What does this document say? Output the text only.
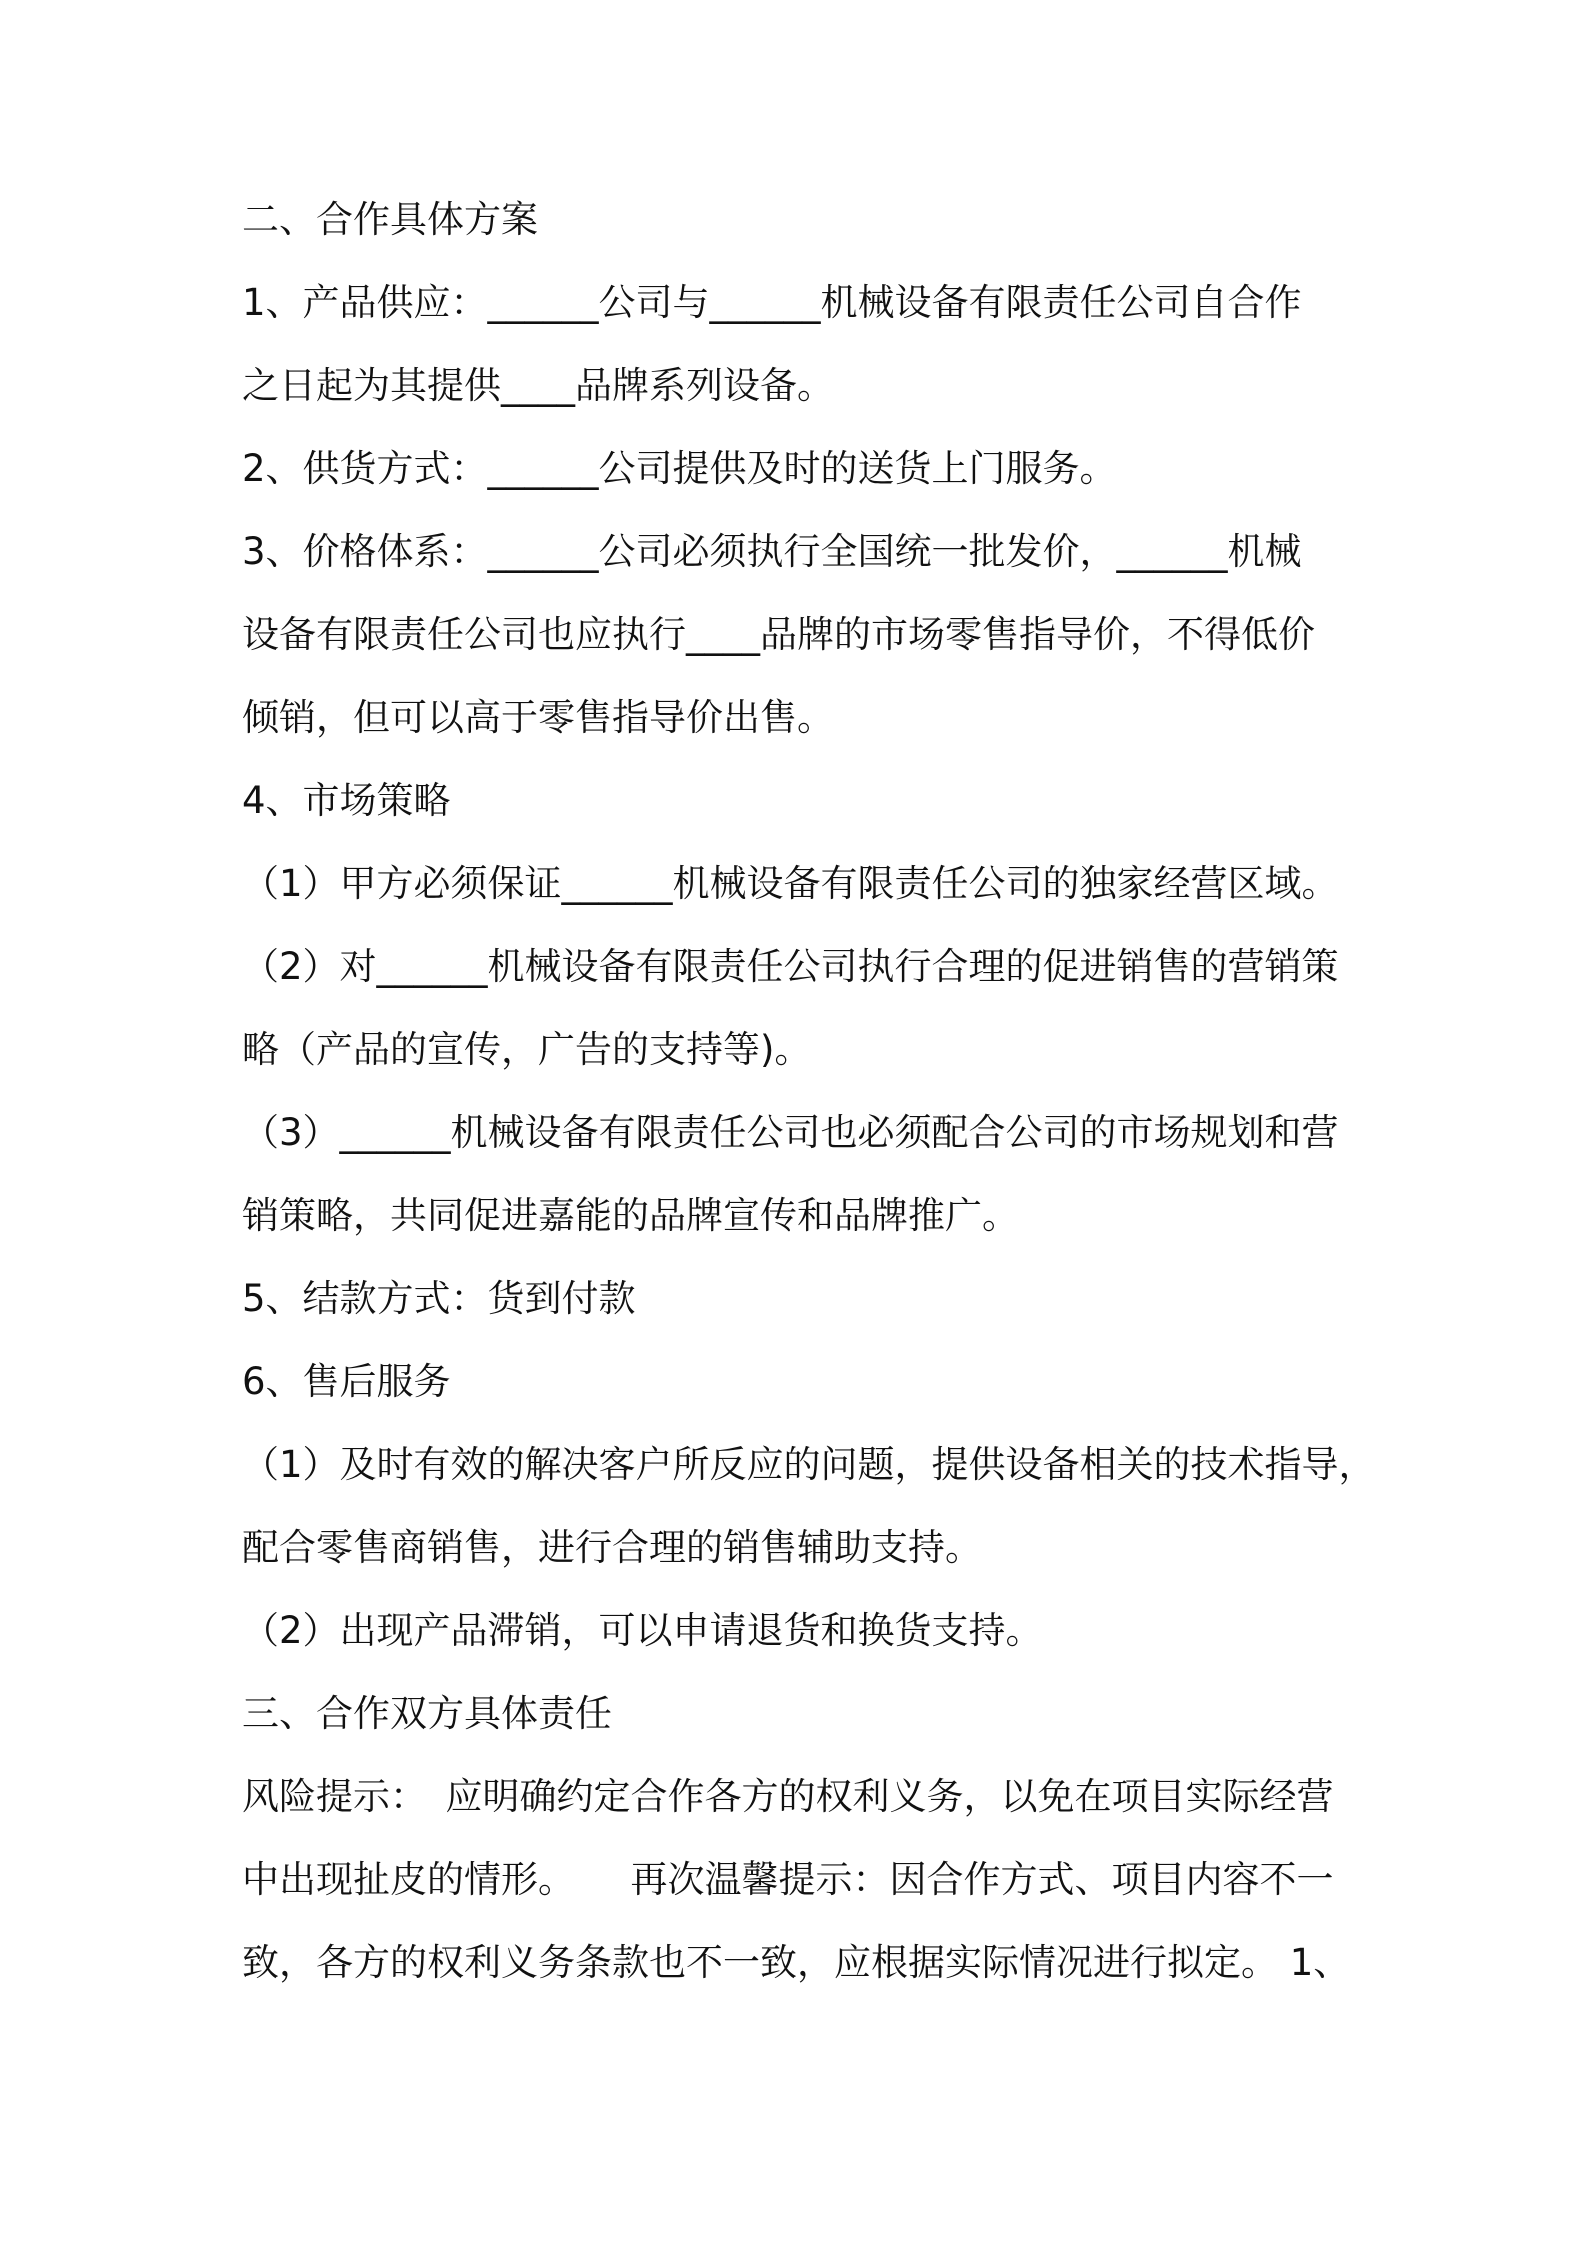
二、合作具体方案
1、产品供应：______公司与______机械设备有限责任公司自合作
之日起为其提供____品牌系列设备。
2、供货方式：______公司提供及时的送货上门服务。
3、价格体系：______公司必须执行全国统一批发价，______机械
设备有限责任公司也应执行____品牌的市场零售指导价，不得低价
倾销，但可以高于零售指导价出售。
4、市场策略
（1）甲方必须保证______机械设备有限责任公司的独家经营区域。
（2）对______机械设备有限责任公司执行合理的促进销售的营销策
略（产品的宣传，广告的支持等)。
（3）______机械设备有限责任公司也必须配合公司的市场规划和营
销策略，共同促进嘉能的品牌宣传和品牌推广。
5、结款方式：货到付款
6、售后服务
（1）及时有效的解决客户所反应的问题，提供设备相关的技术指导，
配合零售商销售，进行合理的销售辅助支持。
（2）出现产品滞销，可以申请退货和换货支持。
三、合作双方具体责任
风险提示：　应明确约定合作各方的权利义务，以免在项目实际经营
中出现扯皮的情形。　　再次温馨提示：因合作方式、项目内容不一
致，各方的权利义务条款也不一致，应根据实际情况进行拟定。 1、
